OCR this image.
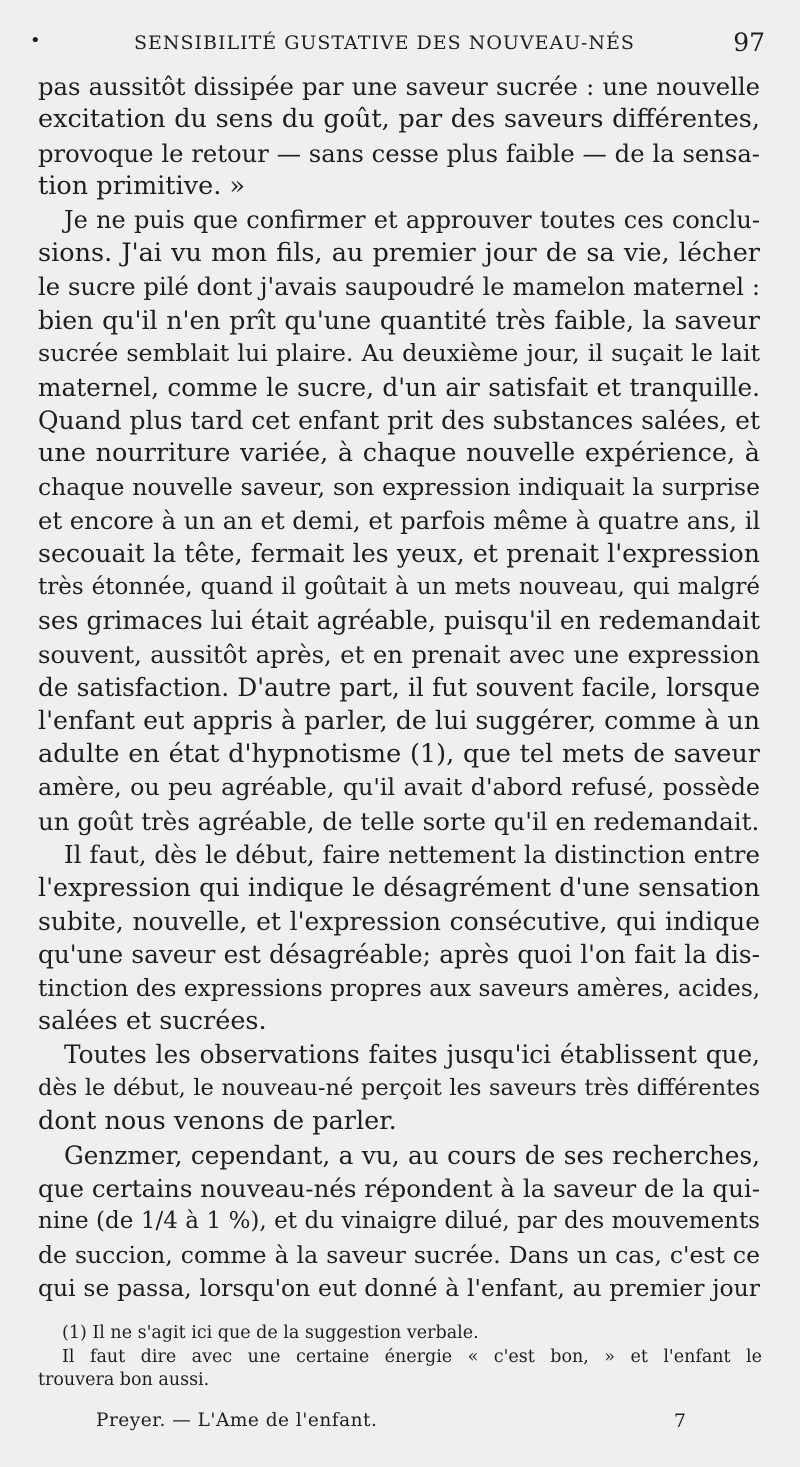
•	SENSIBILITÉ GUSTATIVE DES NOUVEAU-NÉS	97
pas aussitôt dissipée par une saveur sucrée : une nouvelle
excitation du sens du goût, par des saveurs différentes,
provoque le retour — sans cesse plus faible — de la sensa-
tion primitive. »
Je ne puis que confirmer et approuver toutes ces conclu-
sions. J'ai vu mon fils, au premier jour de sa vie, lécher
le sucre pilé dont j'avais saupoudré le mamelon maternel :
bien qu'il n'en prît qu'une quantité très faible, la saveur
sucrée semblait lui plaire. Au deuxième jour, il suçait le lait
maternel, comme le sucre, d'un air satisfait et tranquille.
Quand plus tard cet enfant prit des substances salées, et
une nourriture variée, à chaque nouvelle expérience, à
chaque nouvelle saveur, son expression indiquait la surprise
et encore à un an et demi, et parfois même à quatre ans, il
secouait la tête, fermait les yeux, et prenait l'expression
très étonnée, quand il goûtait à un mets nouveau, qui malgré
ses grimaces lui était agréable, puisqu'il en redemandait
souvent, aussitôt après, et en prenait avec une expression
de satisfaction. D'autre part, il fut souvent facile, lorsque
l'enfant eut appris à parler, de lui suggérer, comme à un
adulte en état d'hypnotisme (1), que tel mets de saveur
amère, ou peu agréable, qu'il avait d'abord refusé, possède
un goût très agréable, de telle sorte qu'il en redemandait.
Il faut, dès le début, faire nettement la distinction entre
l'expression qui indique le désagrément d'une sensation
subite, nouvelle, et l'expression consécutive, qui indique
qu'une saveur est désagréable; après quoi l'on fait la dis-
tinction des expressions propres aux saveurs amères, acides,
salées et sucrées.
Toutes les observations faites jusqu'ici établissent que,
dès le début, le nouveau-né perçoit les saveurs très différentes
dont nous venons de parler.
Genzmer, cependant, a vu, au cours de ses recherches,
que certains nouveau-nés répondent à la saveur de la qui-
nine (de 1/4 à 1 %), et du vinaigre dilué, par des mouvements
de succion, comme à la saveur sucrée. Dans un cas, c'est ce
qui se passa, lorsqu'on eut donné à l'enfant, au premier jour
(1) Il ne s'agit ici que de la suggestion verbale.
Il faut dire avec une certaine énergie « c'est bon, » et l'enfant le
trouvera bon aussi.
Preyer. — L'Ame de l'enfant.	7
